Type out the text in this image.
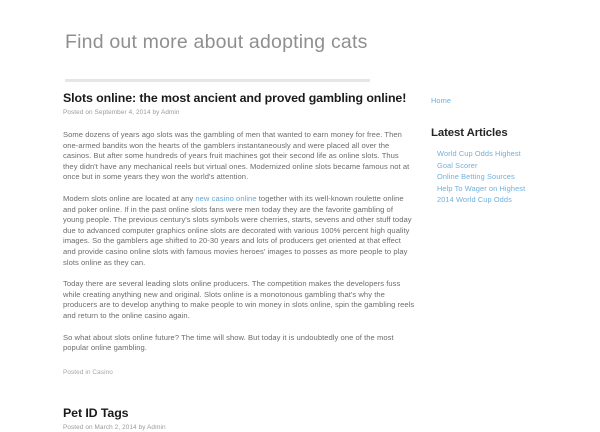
Find out more about adopting cats
Slots online: the most ancient and proved gambling online!
Posted on September 4, 2014 by Admin

Some dozens of years ago slots was the gambling of men that wanted to earn money for free. Then one-armed bandits won the hearts of the gamblers instantaneously and were placed all over the casinos. But after some hundreds of years fruit machines got their second life as online slots. Thus they didn't have any mechanical reels but virtual ones. Modernized online slots became famous not at once but in some years they won the world's attention.

Modern slots online are located at any new casino online together with its well-known roulette online and poker online. If in the past online slots fans were men today they are the favorite gambling of young people. The previous century's slots symbols were cherries, starts, sevens and other stuff today due to advanced computer graphics online slots are decorated with various 100% percent high quality images. So the gamblers age shifted to 20-30 years and lots of producers get oriented at that effect and provide casino online slots with famous movies heroes' images to posses as more people to play slots online as they can.

Today there are several leading slots online producers. The competition makes the developers fuss while creating anything new and original. Slots online is a monotonous gambling that's why the producers are to develop anything to make people to win money in slots online, spin the gambling reels and return to the online casino again.

So what about slots online future? The time will show. But today it is undoubtedly one of the most popular online gambling.

Posted in Casino
Pet ID Tags
Posted on March 2, 2014 by Admin
Home
Latest Articles
World Cup Odds Highest
Goal Scorer
Online Betting Sources
Help To Wager on Highest
2014 World Cup Odds
